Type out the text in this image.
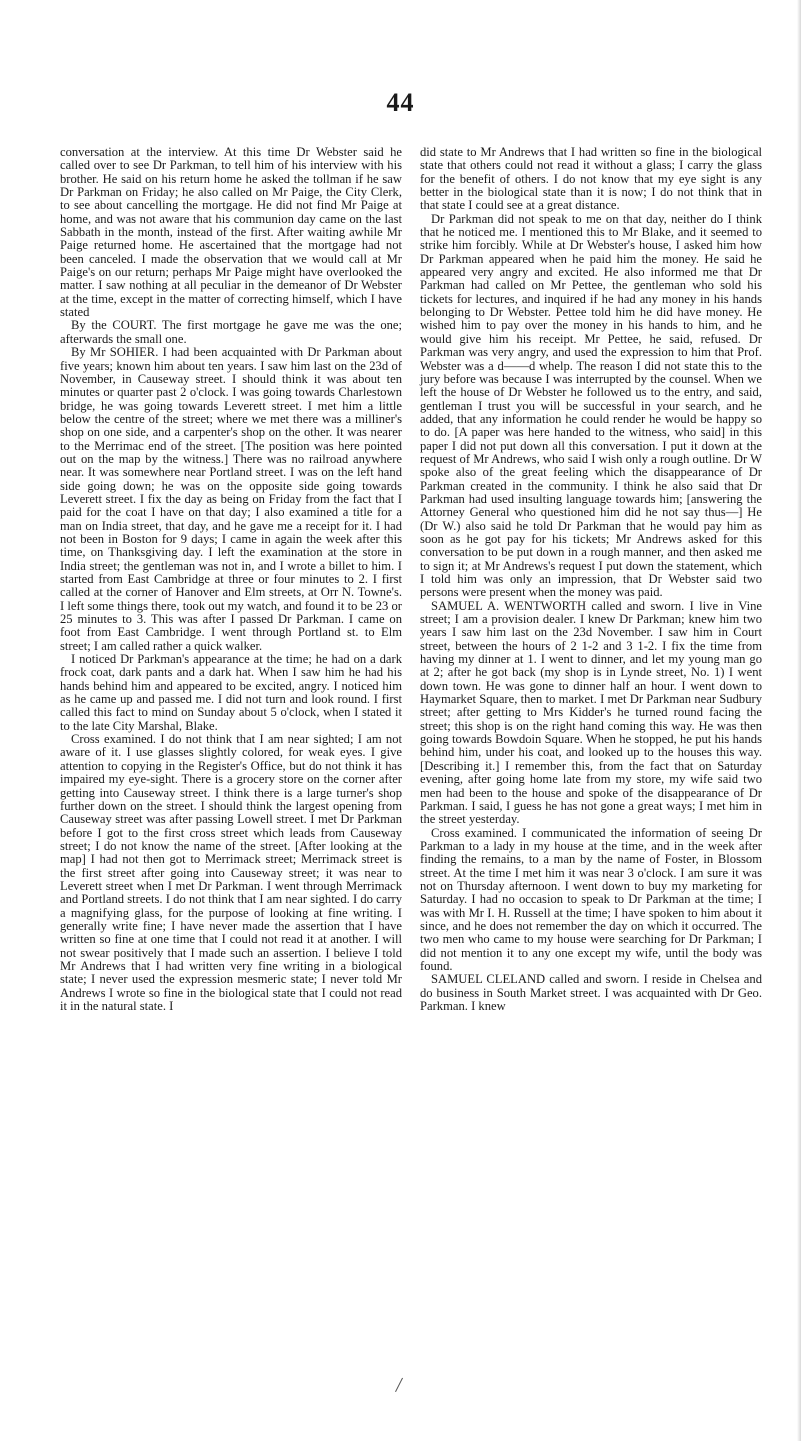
44

conversation at the interview. At this time Dr Webster said he called over to see Dr Parkman, to tell him of his interview with his brother. He said on his return home he asked the tollman if he saw Dr Parkman on Friday; he also called on Mr Paige, the City Clerk, to see about cancelling the mortgage. He did not find Mr Paige at home, and was not aware that his communion day came on the last Sabbath in the month, instead of the first. After waiting awhile Mr Paige returned home. He ascertained that the mortgage had not been canceled. I made the observation that we would call at Mr Paige's on our return; perhaps Mr Paige might have overlooked the matter. I saw nothing at all peculiar in the demeanor of Dr Webster at the time, except in the matter of correcting himself, which I have stated

By the COURT. The first mortgage he gave me was the one; afterwards the small one.

By Mr SOHIER. I had been acquainted with Dr Parkman about five years; known him about ten years. I saw him last on the 23d of November, in Causeway street. I should think it was about ten minutes or quarter past 2 o'clock. I was going towards Charlestown bridge, he was going towards Leverett street. I met him a little below the centre of the street; where we met there was a milliner's shop on one side, and a carpenter's shop on the other. It was nearer to the Merrimac end of the street. [The position was here pointed out on the map by the witness.] There was no railroad anywhere near. It was somewhere near Portland street. I was on the left hand side going down; he was on the opposite side going towards Leverett street. I fix the day as being on Friday from the fact that I paid for the coat I have on that day; I also examined a title for a man on India street, that day, and he gave me a receipt for it. I had not been in Boston for 9 days; I came in again the week after this time, on Thanksgiving day. I left the examination at the store in India street; the gentleman was not in, and I wrote a billet to him. I started from East Cambridge at three or four minutes to 2. I first called at the corner of Hanover and Elm streets, at Orr N. Towne's. I left some things there, took out my watch, and found it to be 23 or 25 minutes to 3. This was after I passed Dr Parkman. I came on foot from East Cambridge. I went through Portland st. to Elm street; I am called rather a quick walker.

I noticed Dr Parkman's appearance at the time; he had on a dark frock coat, dark pants and a dark hat. When I saw him he had his hands behind him and appeared to be excited, angry. I noticed him as he came up and passed me. I did not turn and look round. I first called this fact to mind on Sunday about 5 o'clock, when I stated it to the late City Marshal, Blake.

Cross examined. I do not think that I am near sighted; I am not aware of it. I use glasses slightly colored, for weak eyes. I give attention to copying in the Register's Office, but do not think it has impaired my eye-sight. There is a grocery store on the corner after getting into Causeway street. I think there is a large turner's shop further down on the street. I should think the largest opening from Causeway street was after passing Lowell street. I met Dr Parkman before I got to the first cross street which leads from Causeway street; I do not know the name of the street. [After looking at the map] I had not then got to Merrimack street; Merrimack street is the first street after going into Causeway street; it was near to Leverett street when I met Dr Parkman. I went through Merrimack and Portland streets. I do not think that I am near sighted. I do carry a magnifying glass, for the purpose of looking at fine writing. I generally write fine; I have never made the assertion that I have written so fine at one time that I could not read it at another. I will not swear positively that I made such an assertion. I believe I told Mr Andrews that I had written very fine writing in a biological state; I never used the expression mesmeric state; I never told Mr Andrews I wrote so fine in the biological state that I could not read it in the natural state. I

did state to Mr Andrews that I had written so fine in the biological state that others could not read it without a glass; I carry the glass for the benefit of others. I do not know that my eye sight is any better in the biological state than it is now; I do not think that in that state I could see at a great distance.

Dr Parkman did not speak to me on that day, neither do I think that he noticed me. I mentioned this to Mr Blake, and it seemed to strike him forcibly. While at Dr Webster's house, I asked him how Dr Parkman appeared when he paid him the money. He said he appeared very angry and excited. He also informed me that Dr Parkman had called on Mr Pettee, the gentleman who sold his tickets for lectures, and inquired if he had any money in his hands belonging to Dr Webster. Pettee told him he did have money. He wished him to pay over the money in his hands to him, and he would give him his receipt. Mr Pettee, he said, refused. Dr Parkman was very angry, and used the expression to him that Prof. Webster was a d——d whelp. The reason I did not state this to the jury before was because I was interrupted by the counsel. When we left the house of Dr Webster he followed us to the entry, and said, gentleman I trust you will be successful in your search, and he added, that any information he could render he would be happy so to do. [A paper was here handed to the witness, who said] in this paper I did not put down all this conversation. I put it down at the request of Mr Andrews, who said I wish only a rough outline. Dr W spoke also of the great feeling which the disappearance of Dr Parkman created in the community. I think he also said that Dr Parkman had used insulting language towards him; [answering the Attorney General who questioned him did he not say thus—] He (Dr W.) also said he told Dr Parkman that he would pay him as soon as he got pay for his tickets; Mr Andrews asked for this conversation to be put down in a rough manner, and then asked me to sign it; at Mr Andrews's request I put down the statement, which I told him was only an impression, that Dr Webster said two persons were present when the money was paid.

SAMUEL A. WENTWORTH called and sworn. I live in Vine street; I am a provision dealer. I knew Dr Parkman; knew him two years I saw him last on the 23d November. I saw him in Court street, between the hours of 2 1-2 and 3 1-2. I fix the time from having my dinner at 1. I went to dinner, and let my young man go at 2; after he got back (my shop is in Lynde street, No. 1) I went down town. He was gone to dinner half an hour. I went down to Haymarket Square, then to market. I met Dr Parkman near Sudbury street; after getting to Mrs Kidder's he turned round facing the street; this shop is on the right hand coming this way. He was then going towards Bowdoin Square. When he stopped, he put his hands behind him, under his coat, and looked up to the houses this way. [Describing it.] I remember this, from the fact that on Saturday evening, after going home late from my store, my wife said two men had been to the house and spoke of the disappearance of Dr Parkman. I said, I guess he has not gone a great ways; I met him in the street yesterday.

Cross examined. I communicated the information of seeing Dr Parkman to a lady in my house at the time, and in the week after finding the remains, to a man by the name of Foster, in Blossom street. At the time I met him it was near 3 o'clock. I am sure it was not on Thursday afternoon. I went down to buy my marketing for Saturday. I had no occasion to speak to Dr Parkman at the time; I was with Mr I. H. Russell at the time; I have spoken to him about it since, and he does not remember the day on which it occurred. The two men who came to my house were searching for Dr Parkman; I did not mention it to any one except my wife, until the body was found.

SAMUEL CLELAND called and sworn. I reside in Chelsea and do business in South Market street. I was acquainted with Dr Geo. Parkman. I knew

/
